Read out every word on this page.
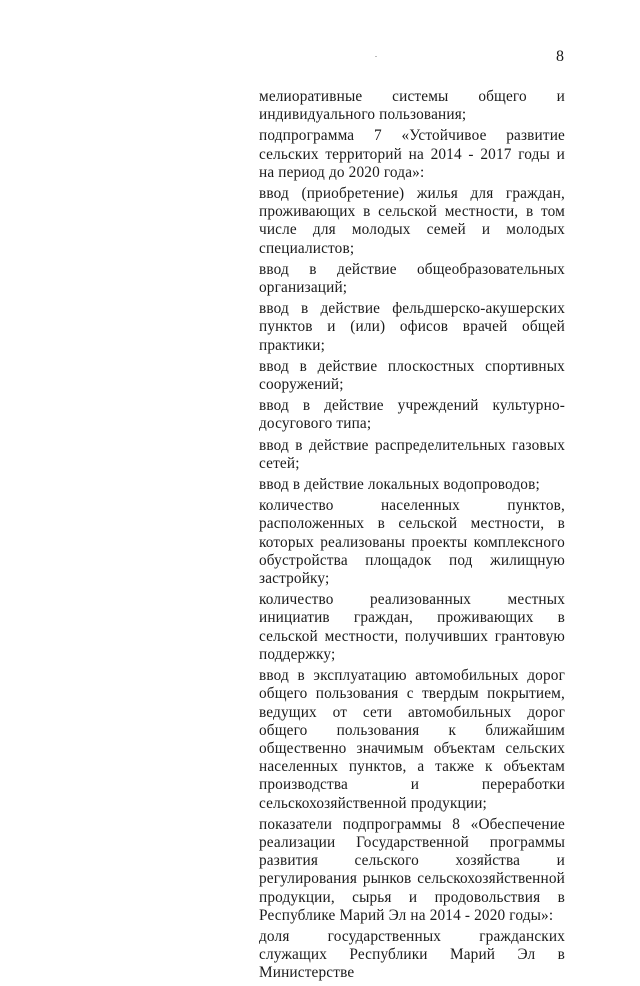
8

мелиоративные системы общего и индивидуального пользования;

подпрограмма 7 «Устойчивое развитие сельских территорий на 2014 - 2017 годы и на период до 2020 года»:

ввод (приобретение) жилья для граждан, проживающих в сельской местности, в том числе для молодых семей и молодых специалистов;

ввод в действие общеобразовательных организаций;

ввод в действие фельдшерско-акушерских пунктов и (или) офисов врачей общей практики;

ввод в действие плоскостных спортивных сооружений;

ввод в действие учреждений культурно-досугового типа;

ввод в действие распределительных газовых сетей;

ввод в действие локальных водопроводов;

количество населенных пунктов, расположенных в сельской местности, в которых реализованы проекты комплексного обустройства площадок под жилищную застройку;

количество реализованных местных инициатив граждан, проживающих в сельской местности, получивших грантовую поддержку;

ввод в эксплуатацию автомобильных дорог общего пользования с твердым покрытием, ведущих от сети автомобильных дорог общего пользования к ближайшим общественно значимым объектам сельских населенных пунктов, а также к объектам производства и переработки сельскохозяйственной продукции;

показатели подпрограммы 8 «Обеспечение реализации Государственной программы развития сельского хозяйства и регулирования рынков сельскохозяйственной продукции, сырья и продовольствия в Республике Марий Эл на 2014 - 2020 годы»:

доля государственных гражданских служащих Республики Марий Эл в Министерстве
